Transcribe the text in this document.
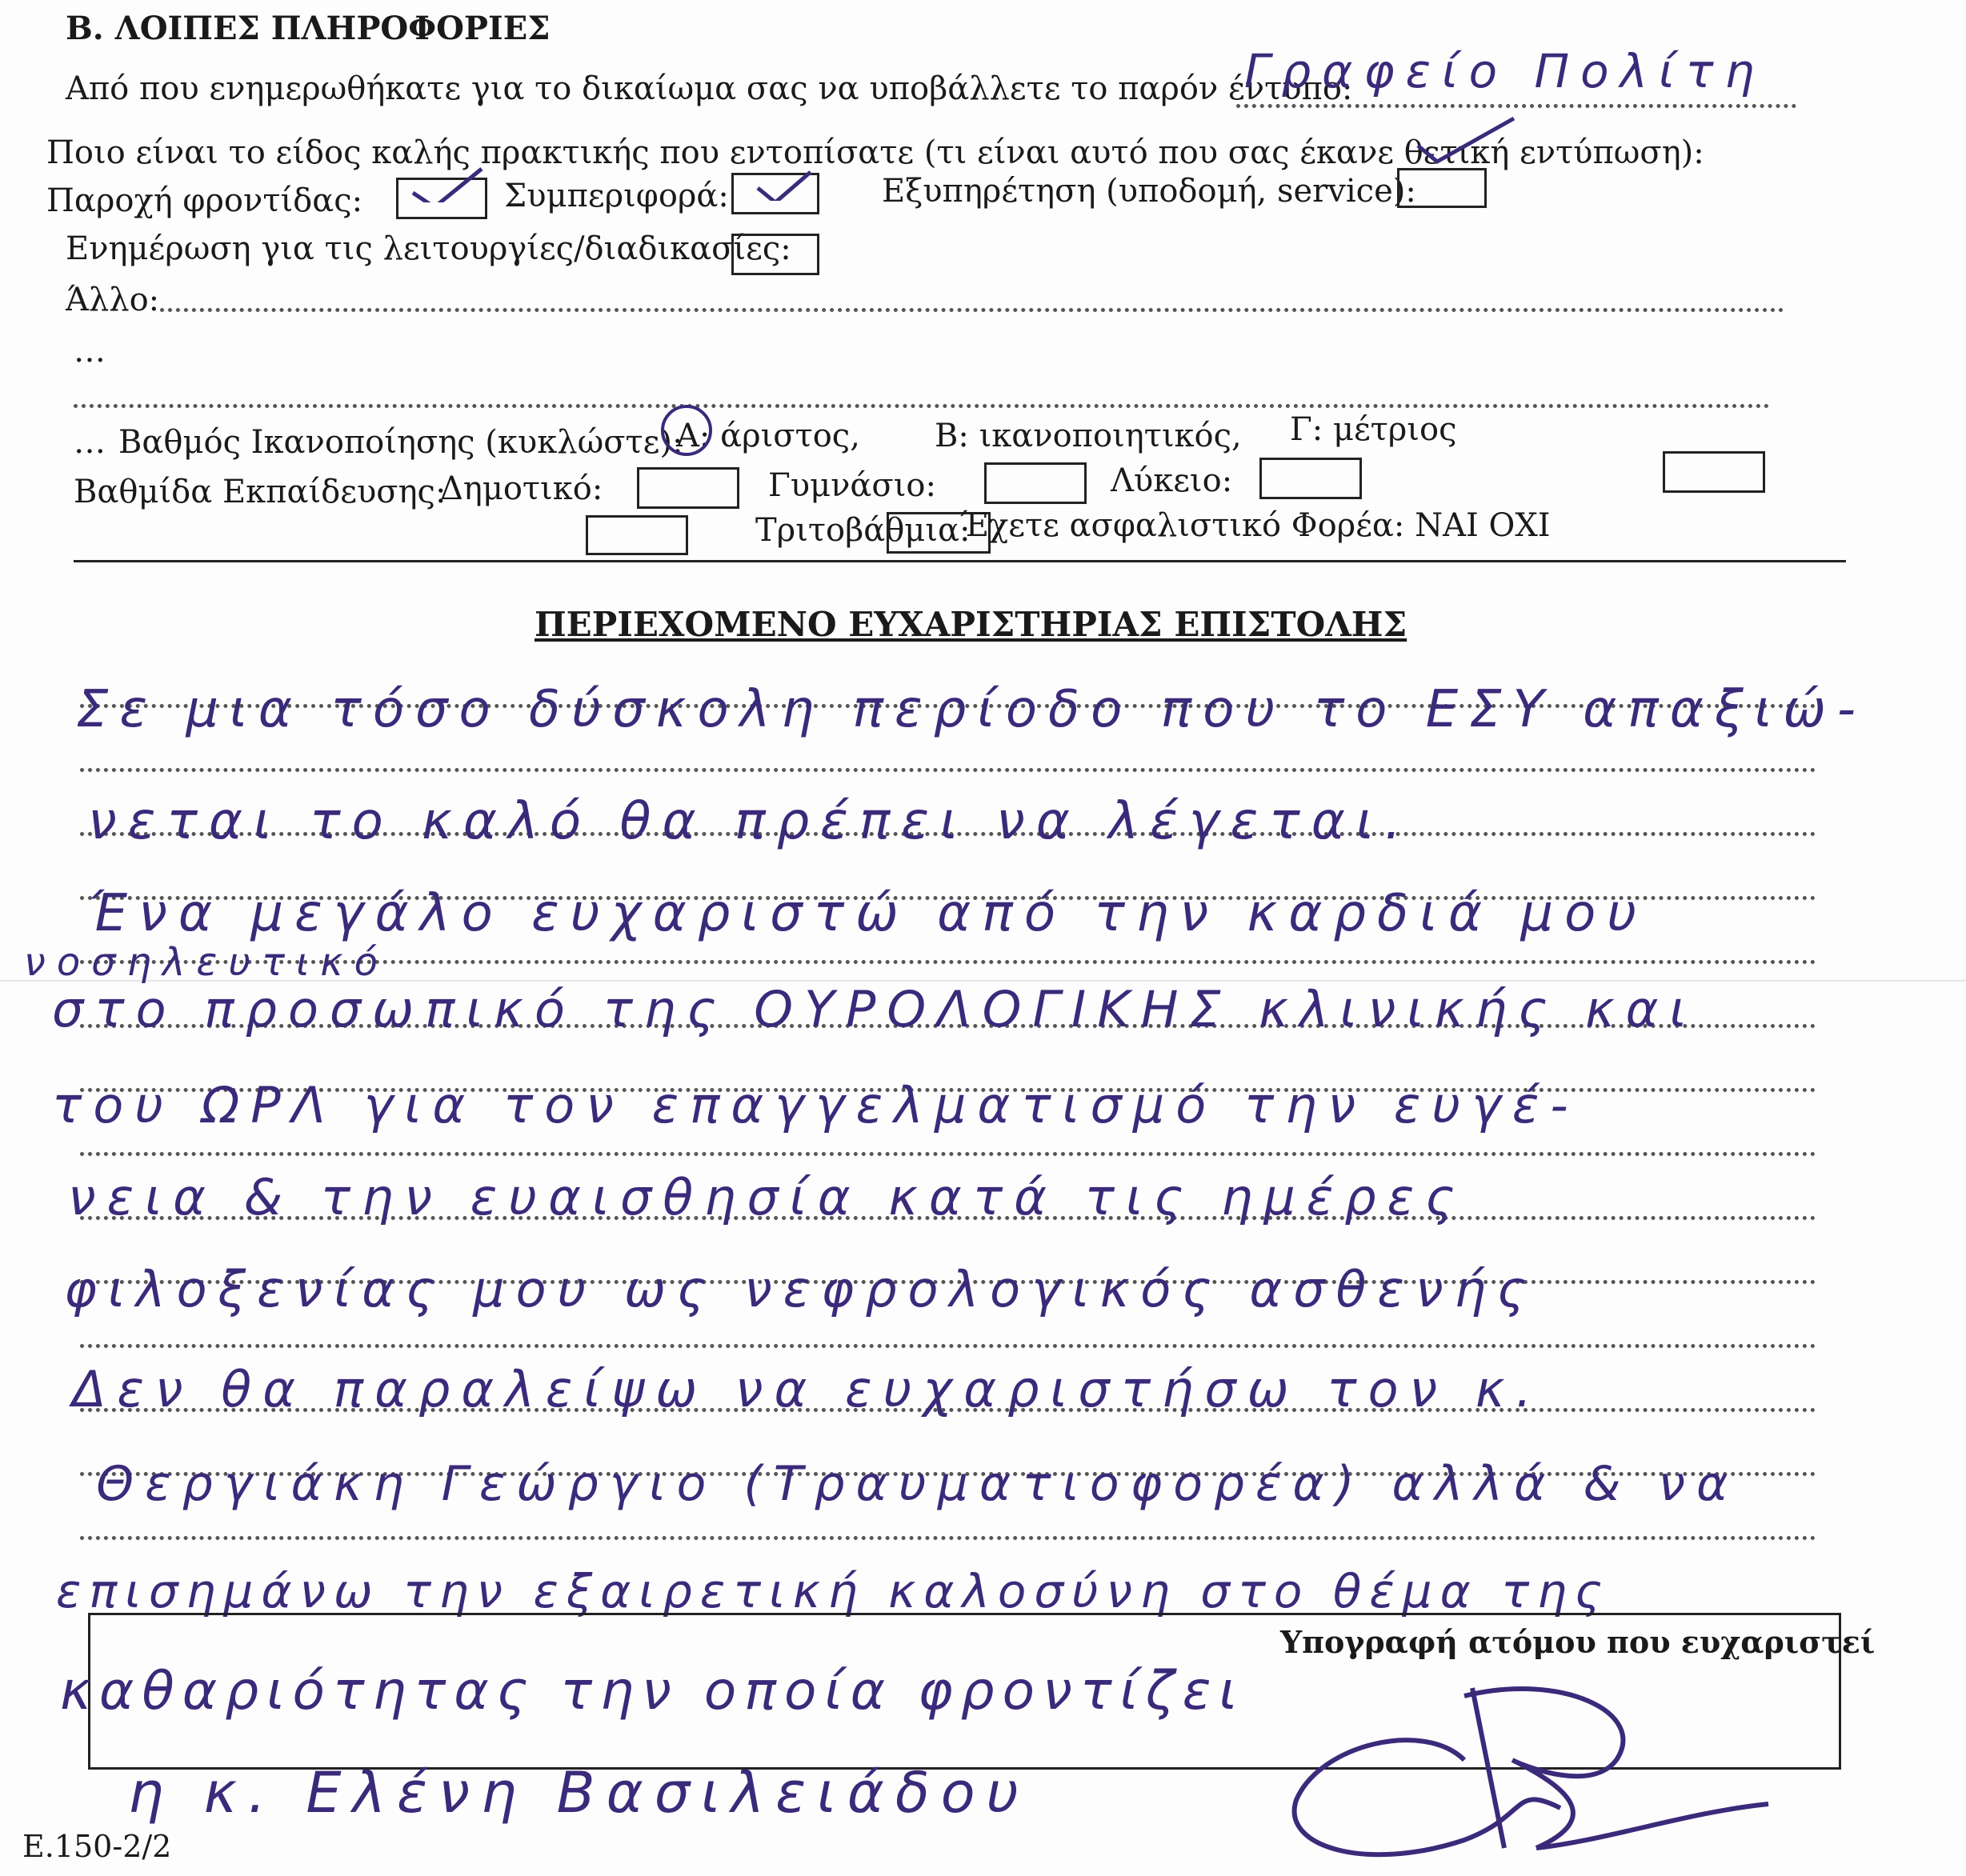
Β. ΛΟΙΠΕΣ ΠΛΗΡΟΦΟΡΙΕΣ
Από που ενημερωθήκατε για το δικαίωμα σας να υποβάλλετε το παρόν έντυπο:
Γραφείο Πολίτη
Ποιο είναι το είδος καλής πρακτικής που εντοπίσατε (τι είναι αυτό που σας έκανε θετική εντύπωση):
Παροχή φροντίδας:	Συμπεριφορά:	Εξυπηρέτηση (υποδομή, service):
Ενημέρωση για τις λειτουργίες/διαδικασίες:
Άλλο:
…
… Βαθμός Ικανοποίησης (κυκλώστε):
Α: άριστος, Β: ικανοποιητικός, Γ: μέτριος
Βαθμίδα Εκπαίδευσης:
Δημοτικό:	Γυμνάσιο:	Λύκειο:
Τριτοβάθμια:
Έχετε ασφαλιστικό Φορέα: ΝΑΙ ΟΧΙ
ΠΕΡΙΕΧΟΜΕΝΟ ΕΥΧΑΡΙΣΤΗΡΙΑΣ ΕΠΙΣΤΟΛΗΣ
Σε μια τόσο δύσκολη περίοδο που το ΕΣΥ απαξιώ-
νεται το καλό θα πρέπει να λέγεται.
Ένα μεγάλο ευχαριστώ από την καρδιά μου
νοσηλευτικό
στο προσωπικό της ΟΥΡΟΛΟΓΙΚΗΣ κλινικής και
του ΩΡΛ για τον επαγγελματισμό την ευγέ-
νεια & την ευαισθησία κατά τις ημέρες
φιλοξενίας μου ως νεφρολογικός ασθενής
Δεν θα παραλείψω να ευχαριστήσω τον κ.
Θεργιάκη Γεώργιο (Τραυματιοφορέα) αλλά & να
επισημάνω την εξαιρετική καλοσύνη στο θέμα της
Υπογραφή ατόμου που ευχαριστεί
καθαριότητας την οποία φροντίζει
η κ. Ελένη Βασιλειάδου
Ε.150-2/2
